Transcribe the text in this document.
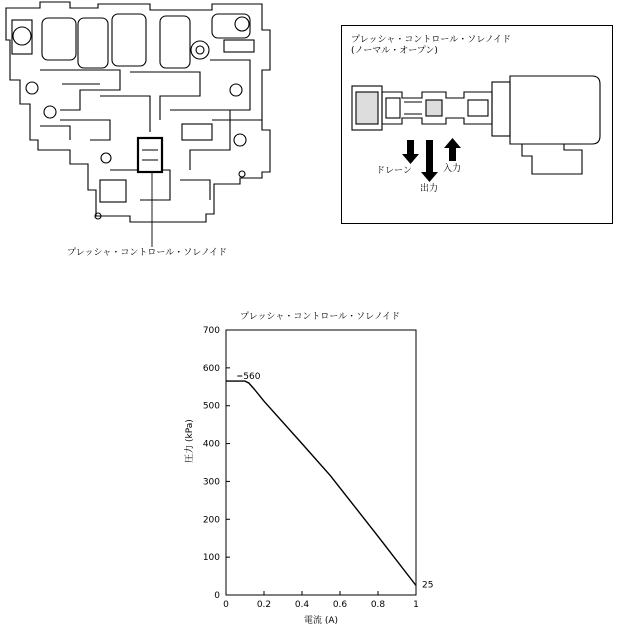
プレッシャ・コントロール・ソレノイド
プレッシャ・コントロール・ソレノイド
(ノーマル・オープン)
ドレーン
出力
入力
プレッシャ・コントロール・ソレノイド
0	0.2	0.4	0.6	0.8	1
0
100
200
300
400
500
600
700
560
25
電流 (A)
圧力 (kPa)
